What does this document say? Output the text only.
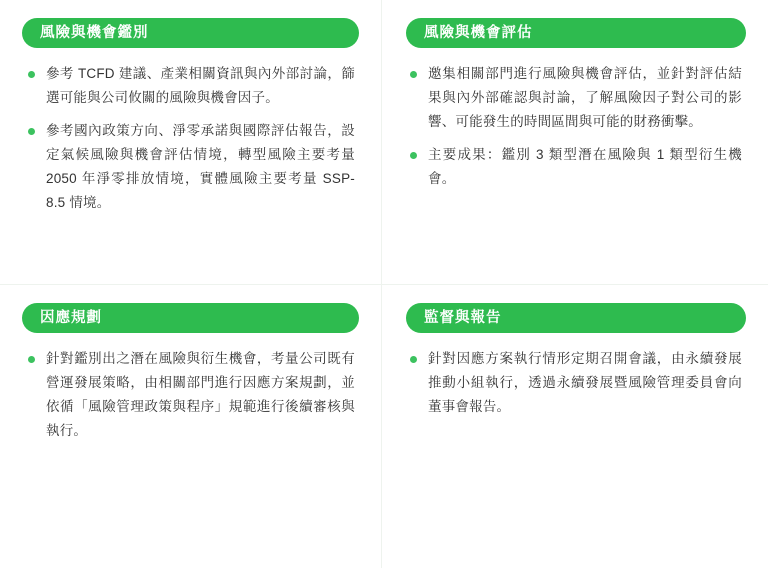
風險與機會鑑別
參考 TCFD 建議、產業相關資訊與內外部討論，篩選可能與公司攸關的風險與機會因子。
參考國內政策方向、淨零承諾與國際評估報告，設定氣候風險與機會評估情境，轉型風險主要考量 2050 年淨零排放情境，實體風險主要考量 SSP-8.5 情境。
風險與機會評估
邀集相關部門進行風險與機會評估，並針對評估結果與內外部確認與討論，了解風險因子對公司的影響、可能發生的時間區間與可能的財務衝擊。
主要成果：鑑別 3 類型潛在風險與 1 類型衍生機會。
因應規劃
針對鑑別出之潛在風險與衍生機會，考量公司既有營運發展策略，由相關部門進行因應方案規劃，並依循「風險管理政策與程序」規範進行後續審核與執行。
監督與報告
針對因應方案執行情形定期召開會議，由永續發展推動小組執行，透過永續發展暨風險管理委員會向董事會報告。
